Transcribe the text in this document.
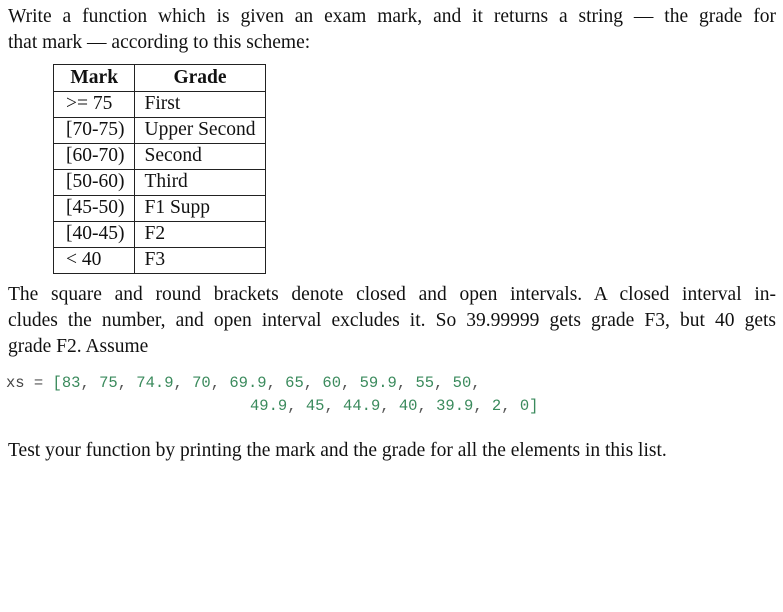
Write a function which is given an exam mark, and it returns a string — the grade for
that mark — according to this scheme:

Mark	Grade
>= 75	First
[70-75)	Upper Second
[60-70)	Second
[50-60)	Third
[45-50)	F1 Supp
[40-45)	F2
< 40	F3

The square and round brackets denote closed and open intervals. A closed interval in-
cludes the number, and open interval excludes it. So 39.99999 gets grade F3, but 40 gets
grade F2. Assume

xs = [83, 75, 74.9, 70, 69.9, 65, 60, 59.9, 55, 50,
49.9, 45, 44.9, 40, 39.9, 2, 0]

Test your function by printing the mark and the grade for all the elements in this list.
